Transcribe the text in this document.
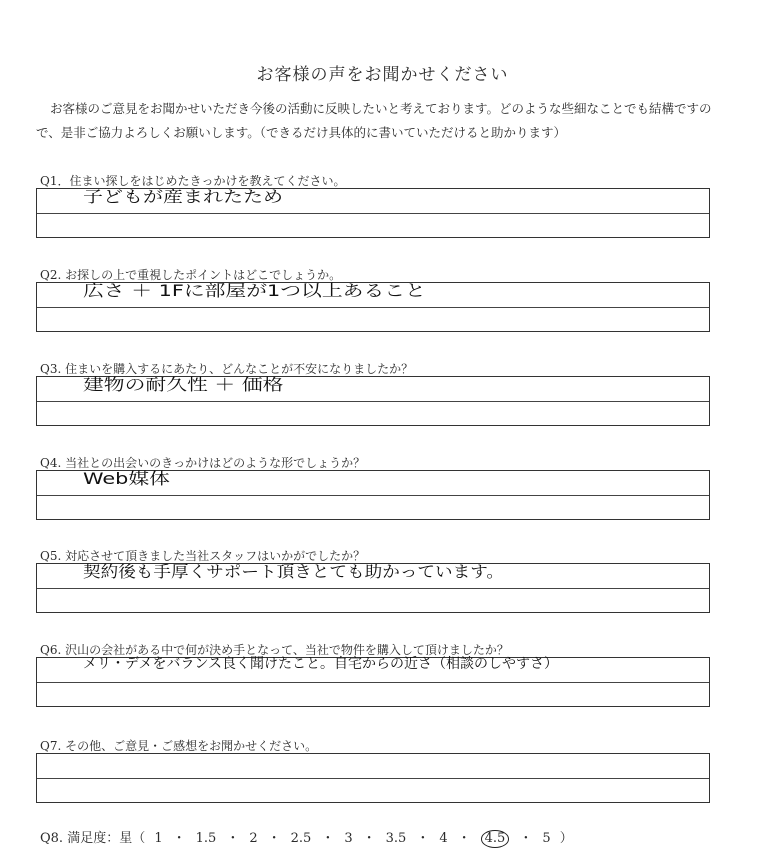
お客様の声をお聞かせください
お客様のご意見をお聞かせいただき今後の活動に反映したいと考えております。どのような些細なことでも結構ですので、是非ご協力よろしくお願いします。（できるだけ具体的に書いていただけると助かります）
Q1．住まい探しをはじめたきっかけを教えてください。
子どもが産まれたため
Q2. お探しの上で重視したポイントはどこでしょうか。
広さ ＋ 1Fに部屋が1つ以上あること
Q3. 住まいを購入するにあたり、どんなことが不安になりましたか？
建物の耐久性 ＋ 価格
Q4. 当社との出会いのきっかけはどのような形でしょうか？
Web媒体
Q5. 対応させて頂きました当社スタッフはいかがでしたか？
契約後も手厚くサポート頂きとても助かっています。
Q6. 沢山の会社がある中で何が決め手となって、当社で物件を購入して頂けましたか？
メリ・デメをバランス良く聞けたこと。自宅からの近さ（相談のしやすさ）
Q7. その他、ご意見・ご感想をお聞かせください。
Q8. 満足度：星（ 1 ・ 1.5 ・ 2 ・ 2.5 ・ 3 ・ 3.5 ・ 4 ・ 4.5 ・ 5 ）
